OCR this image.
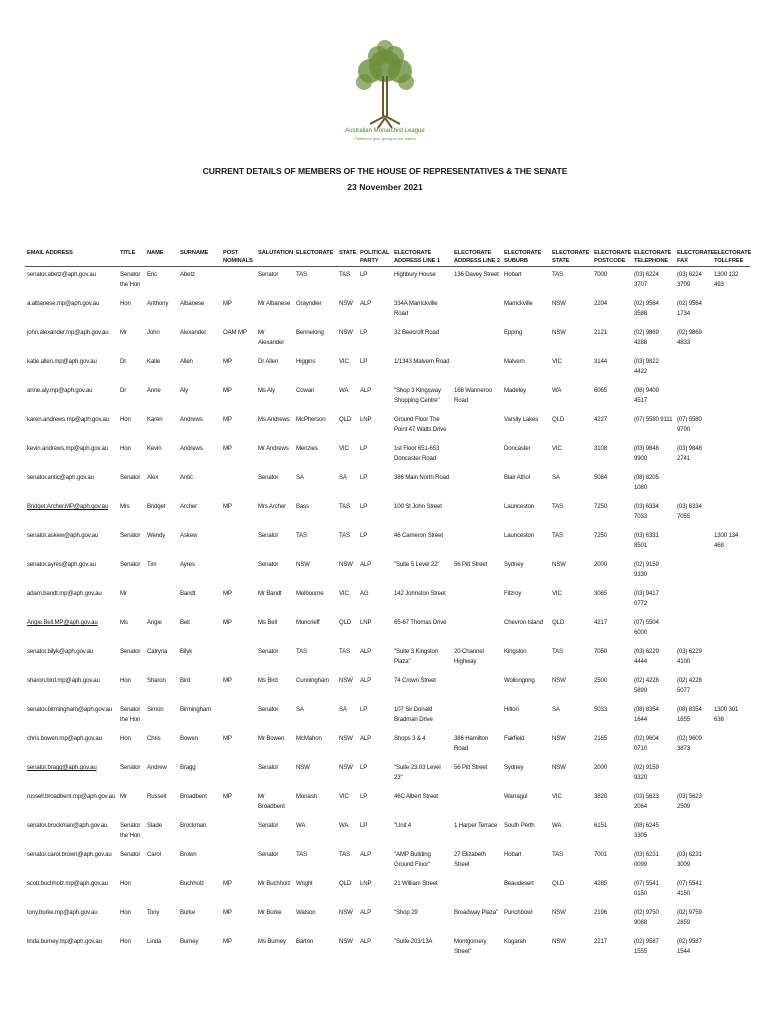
Australian Monarchist League
Faithful to god, giving to our nation
CURRENT DETAILS OF MEMBERS OF THE HOUSE OF REPRESENTATIVES & THE SENATE
23 November 2021
EMAIL ADDRESS	TITLE	NAME	SURNAME	POST NOMINALS	SALUTATION	ELECTORATE	STATE	POLITICAL PARTY	ELECTORATE ADDRESS LINE 1	ELECTORATE ADDRESS LINE 2	ELECTORATE SUBURB	ELECTORATE STATE	ELECTORATE POSTCODE	ELECTORATE TELEPHONE	ELECTORATE FAX	ELECTORATE TOLLFREE
senator.abetz@aph.gov.au	Senator the Hon	Eric	Abetz		Senator	TAS	TAS	LP	Highbury House	136 Davey Street	Hobart	TAS	7000	(03) 6224 3707	(03) 6224 3709	1300 132 493
a.albanese.mp@aph.gov.au	Hon	Anthony	Albanese	MP	Mr Albanese	Grayndler	NSW	ALP	334A Marrickville Road		Marrickville	NSW	2204	(02) 9564 3588	(02) 9564 1734	
john.alexander.mp@aph.gov.au	Mr	John	Alexander	OAM MP	Mr Alexander	Bennelong	NSW	LP	32 Beecroft Road		Epping	NSW	2121	(02) 9869 4288	(02) 9869 4833	
katie.allen.mp@aph.gov.au	Dr	Katie	Allen	MP	Dr Allen	Higgins	VIC	LP	1/1343 Malvern Road		Malvern	VIC	3144	(03) 9822 4422		
anne.aly.mp@aph.gov.au	Dr	Anne	Aly	MP	Ms Aly	Cowan	WA	ALP	"Shop 3 Kingsway Shopping Centre"	168 Wanneroo Road	Madeley	WA	6065	(08) 9409 4517		
karen.andrews.mp@aph.gov.au	Hon	Karen	Andrews	MP	Ms Andrews	McPherson	QLD	LNP	Ground Floor The Point 47 Watts Drive		Varsity Lakes	QLD	4227	(07) 5580 9111	(07) 5580 9700	
kevin.andrews.mp@aph.gov.au	Hon	Kevin	Andrews	MP	Mr Andrews	Menzies	VIC	LP	1st Floor 651-653 Doncaster Road		Doncaster	VIC	3108	(03) 9848 9900	(03) 9848 2741	
senator.antic@aph.gov.au	Senator	Alex	Antic		Senator	SA	SA	LP	386 Main North Road		Blair Athol	SA	5084	(08) 8205 1080		
Bridget.Archer.MP@aph.gov.au	Mrs	Bridget	Archer	MP	Mrs Archer	Bass	TAS	LP	100 St John Street		Launceston	TAS	7250	(03) 6334 7033	(03) 6334 7055	
senator.askew@aph.gov.au	Senator	Wendy	Askew		Senator	TAS	TAS	LP	46 Cameron Street		Launceston	TAS	7250	(03) 6331 8501		1300 134 468
senator.ayres@aph.gov.au	Senator	Tim	Ayres		Senator	NSW	NSW	ALP	"Suite 5 Level 22"	56 Pitt Street	Sydney	NSW	2000	(02) 9159 9330		
adam.bandt.mp@aph.gov.au	Mr		Bandt	MP	Mr Bandt	Melbourne	VIC	AG	142 Johnston Street		Fitzroy	VIC	3065	(03) 9417 0772		
Angie.Bell.MP@aph.gov.au	Ms	Angie	Bell	MP	Ms Bell	Moncrieff	QLD	LNP	65-67 Thomas Drive		Chevron Island	QLD	4217	(07) 5504 6000		
senator.bilyk@aph.gov.au	Senator	Catryna	Bilyk		Senator	TAS	TAS	ALP	"Suite 3 Kingston Plaza"	20 Channel Highway	Kingston	TAS	7050	(03) 6229 4444	(03) 6229 4100	
sharon.bird.mp@aph.gov.au	Hon	Sharon	Bird	MP	Ms Bird	Cunningham	NSW	ALP	74 Crown Street		Wollongong	NSW	2500	(02) 4228 5899	(02) 4228 5077	
senator.birmingham@aph.gov.au	Senator the Hon	Simon	Birmingham		Senator	SA	SA	LP	107 Sir Donald Bradman Drive		Hilton	SA	5033	(08) 8354 1644	(08) 8354 1655	1300 301 638
chris.bowen.mp@aph.gov.au	Hon	Chris	Bowen	MP	Mr Bowen	McMahon	NSW	ALP	Shops 3 & 4	386 Hamilton Road	Fairfield	NSW	2165	(02) 9604 0710	(02) 9609 3873	
senator.bragg@aph.gov.au	Senator	Andrew	Bragg		Senator	NSW	NSW	LP	"Suite 23.03 Level 23"	56 Pitt Street	Sydney	NSW	2000	(02) 9159 9320		
russell.broadbent.mp@aph.gov.au	Mr	Russell	Broadbent	MP	Mr Broadbent	Monash	VIC	LP	46C Albert Street		Warragul	VIC	3820	(03) 5623 2064	(03) 5623 2509	
senator.brockman@aph.gov.au	Senator the Hon	Slade	Brockman		Senator	WA	WA	LP	"Unit 4	1 Harper Terrace	South Perth	WA	6151	(08) 6245 3305		
senator.carol.brown@aph.gov.au	Senator	Carol	Brown		Senator	TAS	TAS	ALP	"AMP Building Ground Floor"	27 Elizabeth Street	Hobart	TAS	7001	(03) 6231 0099	(03) 6231 3009	
scott.buchholz.mp@aph.gov.au	Hon		Buchholz	MP	Mr Buchholz	Wright	QLD	LNP	21 William Street		Beaudesert	QLD	4285	(07) 5541 0150	(07) 5541 4150	
tony.burke.mp@aph.gov.au	Hon	Tony	Burke	MP	Mr Burke	Watson	NSW	ALP	"Shop 29	Broadway Plaza"	Punchbowl	NSW	2196	(02) 9750 9088	(02) 9759 2859	
linda.burney.mp@aph.gov.au	Hon	Linda	Burney	MP	Ms Burney	Barton	NSW	ALP	"Suite 203/13A	Montgomery Street"	Kogarah	NSW	2217	(02) 9587 1555	(02) 9587 1544	
